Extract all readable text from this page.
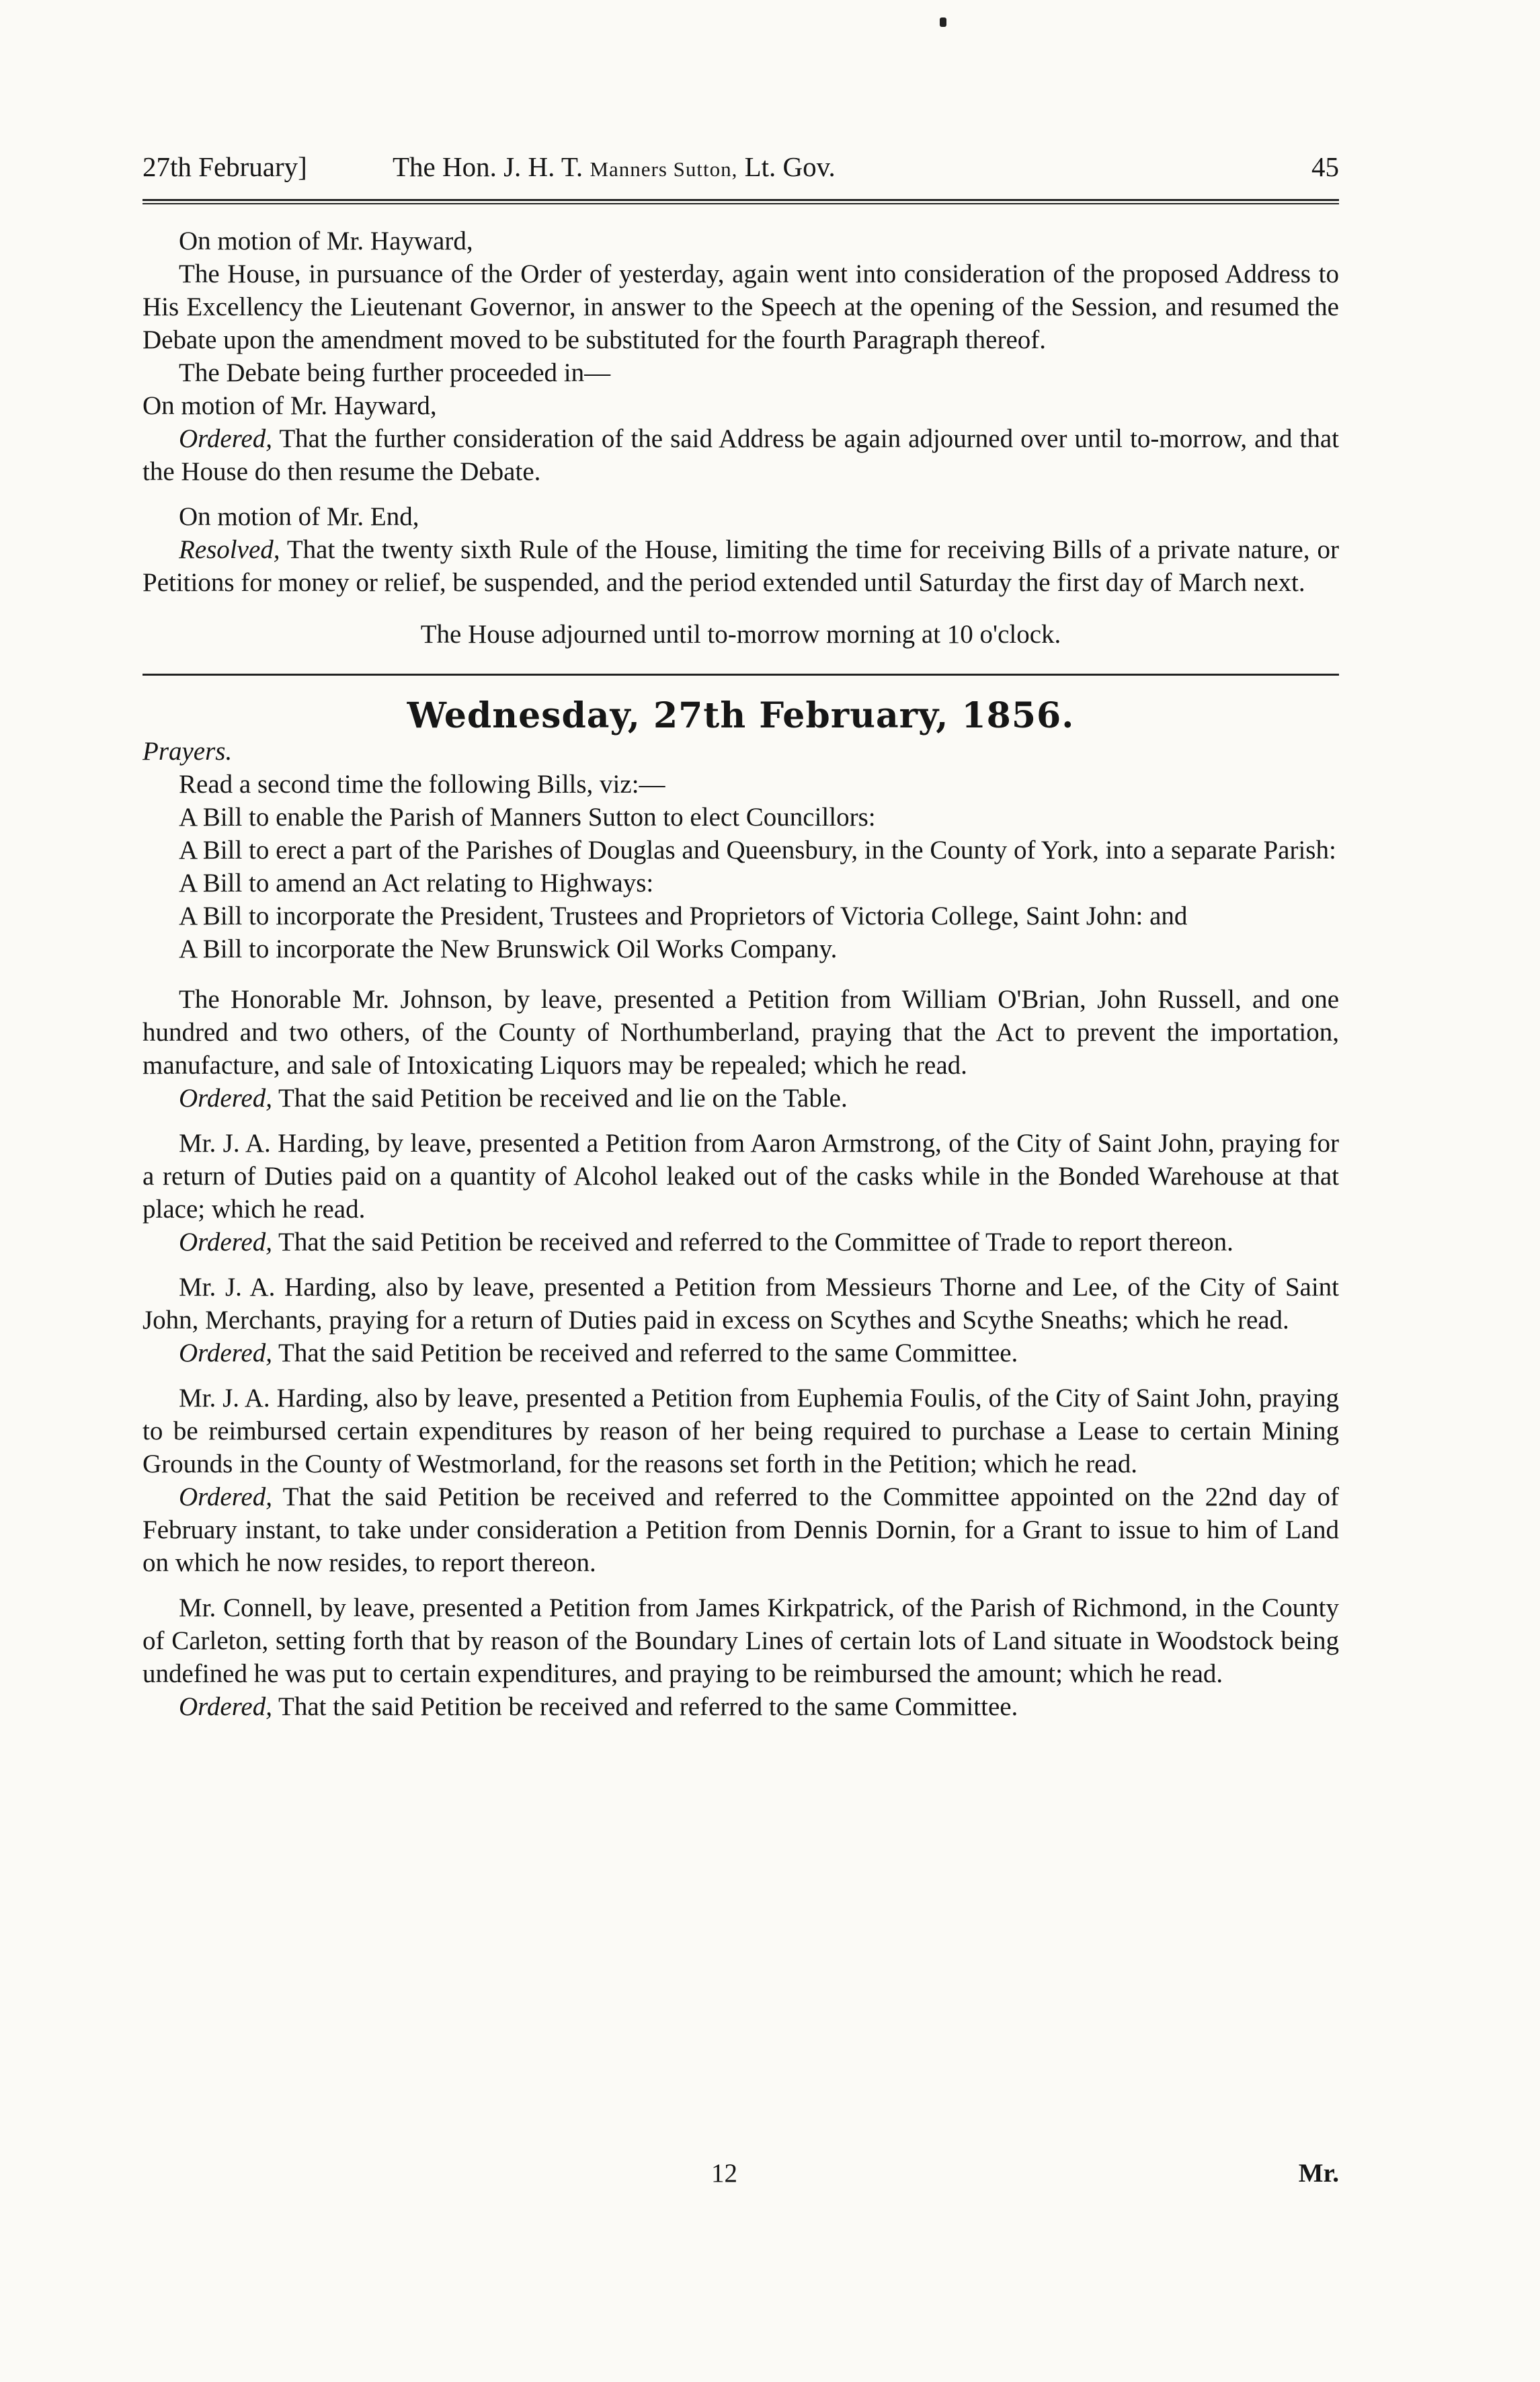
27th February]	The Hon. J. H. T. Manners Sutton, Lt. Gov.	45

On motion of Mr. Hayward,

The House, in pursuance of the Order of yesterday, again went into consideration of the proposed Address to His Excellency the Lieutenant Governor, in answer to the Speech at the opening of the Session, and resumed the Debate upon the amendment moved to be substituted for the fourth Paragraph thereof.

The Debate being further proceeded in—

On motion of Mr. Hayward,

Ordered, That the further consideration of the said Address be again adjourned over until to-morrow, and that the House do then resume the Debate.

On motion of Mr. End,

Resolved, That the twenty sixth Rule of the House, limiting the time for receiving Bills of a private nature, or Petitions for money or relief, be suspended, and the period extended until Saturday the first day of March next.

The House adjourned until to-morrow morning at 10 o'clock.

Wednesday, 27th February, 1856.

Prayers.

Read a second time the following Bills, viz:—

A Bill to enable the Parish of Manners Sutton to elect Councillors:

A Bill to erect a part of the Parishes of Douglas and Queensbury, in the County of York, into a separate Parish:

A Bill to amend an Act relating to Highways:

A Bill to incorporate the President, Trustees and Proprietors of Victoria College, Saint John: and

A Bill to incorporate the New Brunswick Oil Works Company.

The Honorable Mr. Johnson, by leave, presented a Petition from William O'Brian, John Russell, and one hundred and two others, of the County of Northumberland, praying that the Act to prevent the importation, manufacture, and sale of Intoxicating Liquors may be repealed; which he read.

Ordered, That the said Petition be received and lie on the Table.

Mr. J. A. Harding, by leave, presented a Petition from Aaron Armstrong, of the City of Saint John, praying for a return of Duties paid on a quantity of Alcohol leaked out of the casks while in the Bonded Warehouse at that place; which he read.

Ordered, That the said Petition be received and referred to the Committee of Trade to report thereon.

Mr. J. A. Harding, also by leave, presented a Petition from Messieurs Thorne and Lee, of the City of Saint John, Merchants, praying for a return of Duties paid in excess on Scythes and Scythe Sneaths; which he read.

Ordered, That the said Petition be received and referred to the same Committee.

Mr. J. A. Harding, also by leave, presented a Petition from Euphemia Foulis, of the City of Saint John, praying to be reimbursed certain expenditures by reason of her being required to purchase a Lease to certain Mining Grounds in the County of Westmorland, for the reasons set forth in the Petition; which he read.

Ordered, That the said Petition be received and referred to the Committee appointed on the 22nd day of February instant, to take under consideration a Petition from Dennis Dornin, for a Grant to issue to him of Land on which he now resides, to report thereon.

Mr. Connell, by leave, presented a Petition from James Kirkpatrick, of the Parish of Richmond, in the County of Carleton, setting forth that by reason of the Boundary Lines of certain lots of Land situate in Woodstock being undefined he was put to certain expenditures, and praying to be reimbursed the amount; which he read.

Ordered, That the said Petition be received and referred to the same Committee.

12	Mr.
